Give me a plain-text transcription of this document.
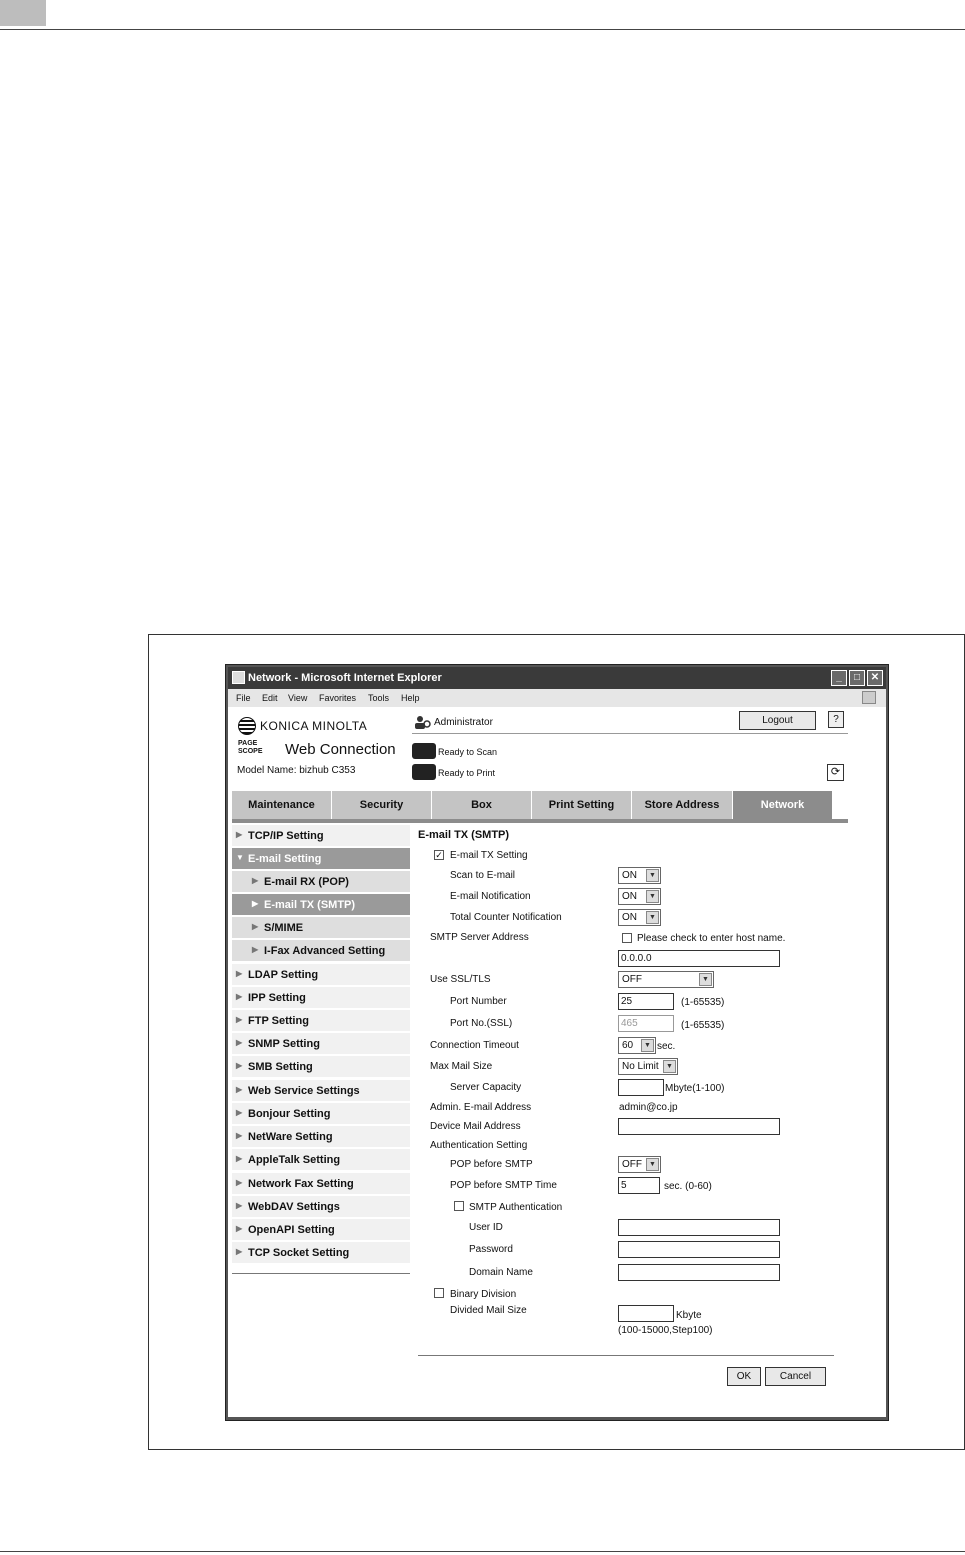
Network - Microsoft Internet Explorer	_	□	✕
File Edit View Favorites Tools Help
KONICA MINOLTA
PAGE SCOPE Web Connection
Model Name: bizhub C353
Administrator	Logout	?
Ready to Scan
Ready to Print	⟳
Maintenance	Security	Box	Print Setting	Store Address	Network
▶ TCP/IP Setting
▼ E-mail Setting
▶ E-mail RX (POP)
▶ E-mail TX (SMTP)
▶ S/MIME
▶ I-Fax Advanced Setting
▶ LDAP Setting
▶ IPP Setting
▶ FTP Setting
▶ SNMP Setting
▶ SMB Setting
▶ Web Service Settings
▶ Bonjour Setting
▶ NetWare Setting
▶ AppleTalk Setting
▶ Network Fax Setting
▶ WebDAV Settings
▶ OpenAPI Setting
▶ TCP Socket Setting
E-mail TX (SMTP)
✓ E-mail TX Setting
Scan to E-mail	ON	▼
E-mail Notification	ON	▼
Total Counter Notification	ON	▼
SMTP Server Address	Please check to enter host name.
0.0.0.0
Use SSL/TLS	OFF	▼
Port Number	25	(1-65535)
Port No.(SSL)	465	(1-65535)
Connection Timeout	60	▼ sec.
Max Mail Size	No Limit	▼
Server Capacity	Mbyte(1-100)
Admin. E-mail Address	admin@co.jp
Device Mail Address
Authentication Setting
POP before SMTP	OFF	▼
POP before SMTP Time	5	sec. (0-60)
SMTP Authentication
User ID
Password
Domain Name
Binary Division
Divided Mail Size	Kbyte
(100-15000,Step100)
OK	Cancel
